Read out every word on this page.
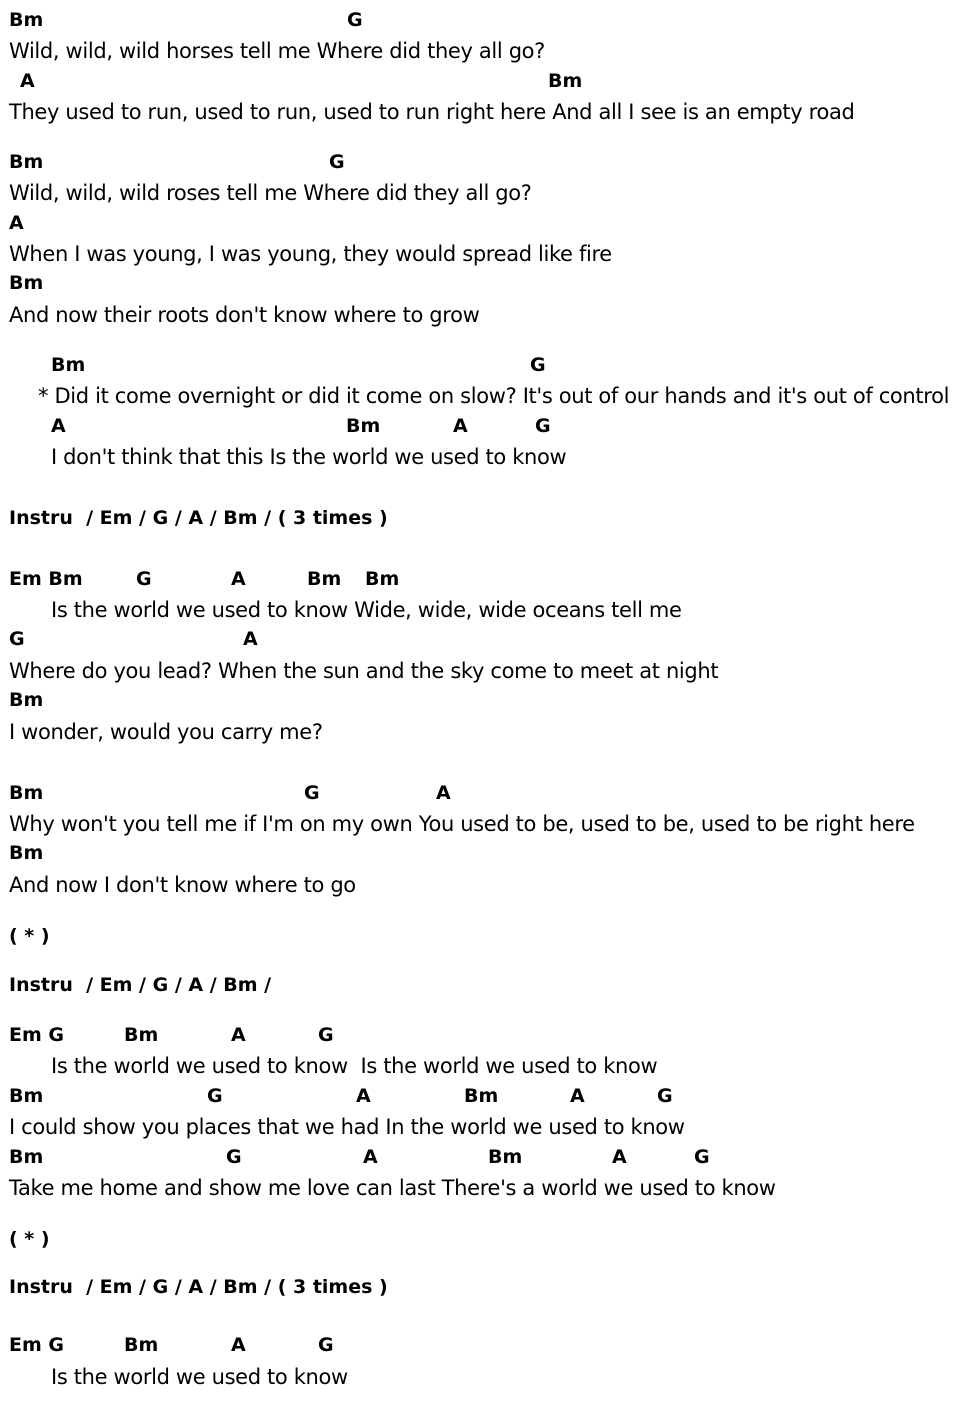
Bm	G
Wild, wild, wild horses tell me Where did they all go?
A	Bm
They used to run, used to run, used to run right here And all I see is an empty road
Bm	G
Wild, wild, wild roses tell me Where did they all go?
A
When I was young, I was young, they would spread like fire
Bm
And now their roots don't know where to grow
Bm	G
* Did it come overnight or did it come on slow? It's out of our hands and it's out of control
A	Bm	A	G
I don't think that this Is the world we used to know
Instru  / Em / G / A / Bm / ( 3 times )
Em Bm	G	A	Bm Bm
Is the world we used to know Wide, wide, wide oceans tell me
G	A
Where do you lead? When the sun and the sky come to meet at night
Bm
I wonder, would you carry me?
Bm	G	A
Why won't you tell me if I'm on my own You used to be, used to be, used to be right here
Bm
And now I don't know where to go
( * )
Instru  / Em / G / A / Bm /
Em G	Bm	A	G
Is the world we used to know  Is the world we used to know
Bm	G	A	Bm	A	G
I could show you places that we had In the world we used to know
Bm	G	A	Bm	A	G
Take me home and show me love can last There's a world we used to know
( * )
Instru  / Em / G / A / Bm / ( 3 times )
Em G	Bm	A	G
Is the world we used to know
